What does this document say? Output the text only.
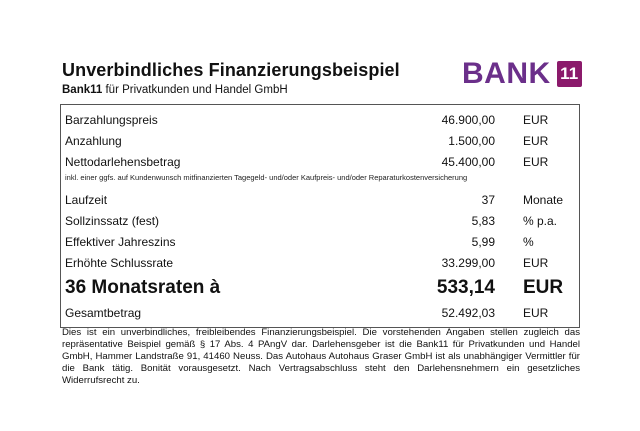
Unverbindliches Finanzierungsbeispiel
Bank11 für Privatkunden und Handel GmbH	BANK 11
Barzahlungspreis	46.900,00 EUR
Anzahlung	1.500,00 EUR
Nettodarlehensbetrag	45.400,00 EUR
inkl. einer ggfs. auf Kundenwunsch mitfinanzierten Tagegeld- und/oder Kaufpreis- und/oder Reparaturkostenversicherung
Laufzeit	37 Monate
Sollzinssatz (fest)	5,83 % p.a.
Effektiver Jahreszins	5,99 %
Erhöhte Schlussrate	33.299,00 EUR
36 Monatsraten à	533,14 EUR
Gesamtbetrag	52.492,03 EUR
Dies ist ein unverbindliches, freibleibendes Finanzierungsbeispiel. Die vorstehenden Angaben stellen zugleich das repräsentative Beispiel gemäß § 17 Abs. 4 PAngV dar. Darlehensgeber ist die Bank11 für Privatkunden und Handel GmbH, Hammer Landstraße 91, 41460 Neuss. Das Autohaus Autohaus Graser GmbH ist als unabhängiger Vermittler für die Bank tätig. Bonität vorausgesetzt. Nach Vertragsabschluss steht den Darlehensnehmern ein gesetzliches Widerrufsrecht zu.
